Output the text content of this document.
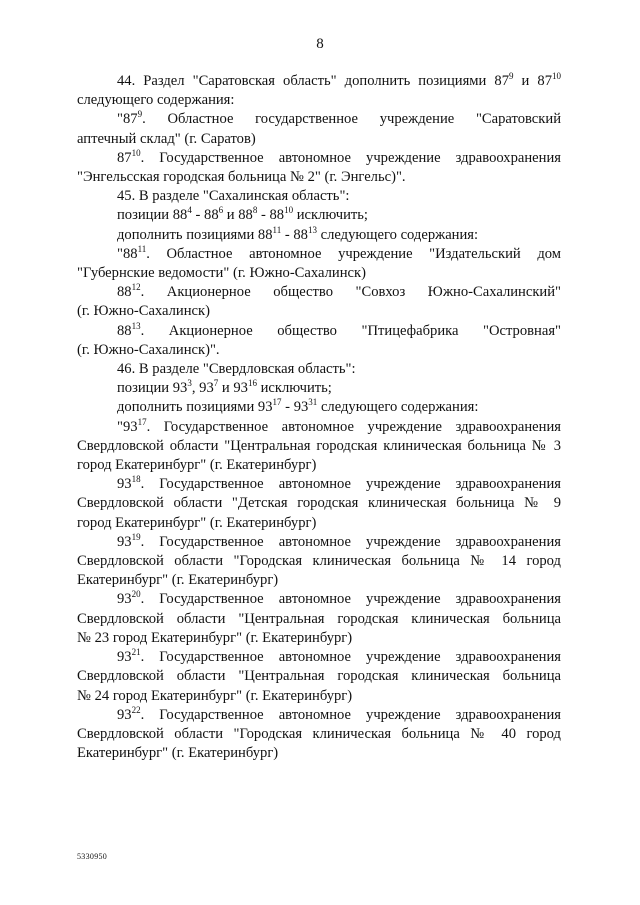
8

44. Раздел "Саратовская область" дополнить позициями $87^9$ и $87^{10}$

следующего содержания:

"$87^9$. Областное государственное учреждение "Саратовский

аптечный склад" (г. Саратов)

$87^{10}$. Государственное автономное учреждение здравоохранения

"Энгельсская городская больница № 2" (г. Энгельс)".

45. В разделе "Сахалинская область":

позиции $88^4 - 88^6$ и $88^8 - 88^{10}$ исключить;

дополнить позициями $88^{11} - 88^{13}$ следующего содержания:

"$88^{11}$. Областное автономное учреждение "Издательский дом

"Губернские ведомости" (г. Южно-Сахалинск)

$88^{12}$. Акционерное общество "Совхоз Южно-Сахалинский"

(г. Южно-Сахалинск)

$88^{13}$. Акционерное общество "Птицефабрика "Островная"

(г. Южно-Сахалинск)".

46. В разделе "Свердловская область":

позиции $93^3$, $93^7$ и $93^{16}$ исключить;

дополнить позициями $93^{17} - 93^{31}$ следующего содержания:

"$93^{17}$. Государственное автономное учреждение здравоохранения

Свердловской области "Центральная городская клиническая больница № 3

город Екатеринбург" (г. Екатеринбург)

$93^{18}$. Государственное автономное учреждение здравоохранения

Свердловской области "Детская городская клиническая больница № 9

город Екатеринбург" (г. Екатеринбург)

$93^{19}$. Государственное автономное учреждение здравоохранения

Свердловской области "Городская клиническая больница № 14 город

Екатеринбург" (г. Екатеринбург)

$93^{20}$. Государственное автономное учреждение здравоохранения

Свердловской области "Центральная городская клиническая больница

№ 23 город Екатеринбург" (г. Екатеринбург)

$93^{21}$. Государственное автономное учреждение здравоохранения

Свердловской области "Центральная городская клиническая больница

№ 24 город Екатеринбург" (г. Екатеринбург)

$93^{22}$. Государственное автономное учреждение здравоохранения

Свердловской области "Городская клиническая больница № 40 город

Екатеринбург" (г. Екатеринбург)

5330950
